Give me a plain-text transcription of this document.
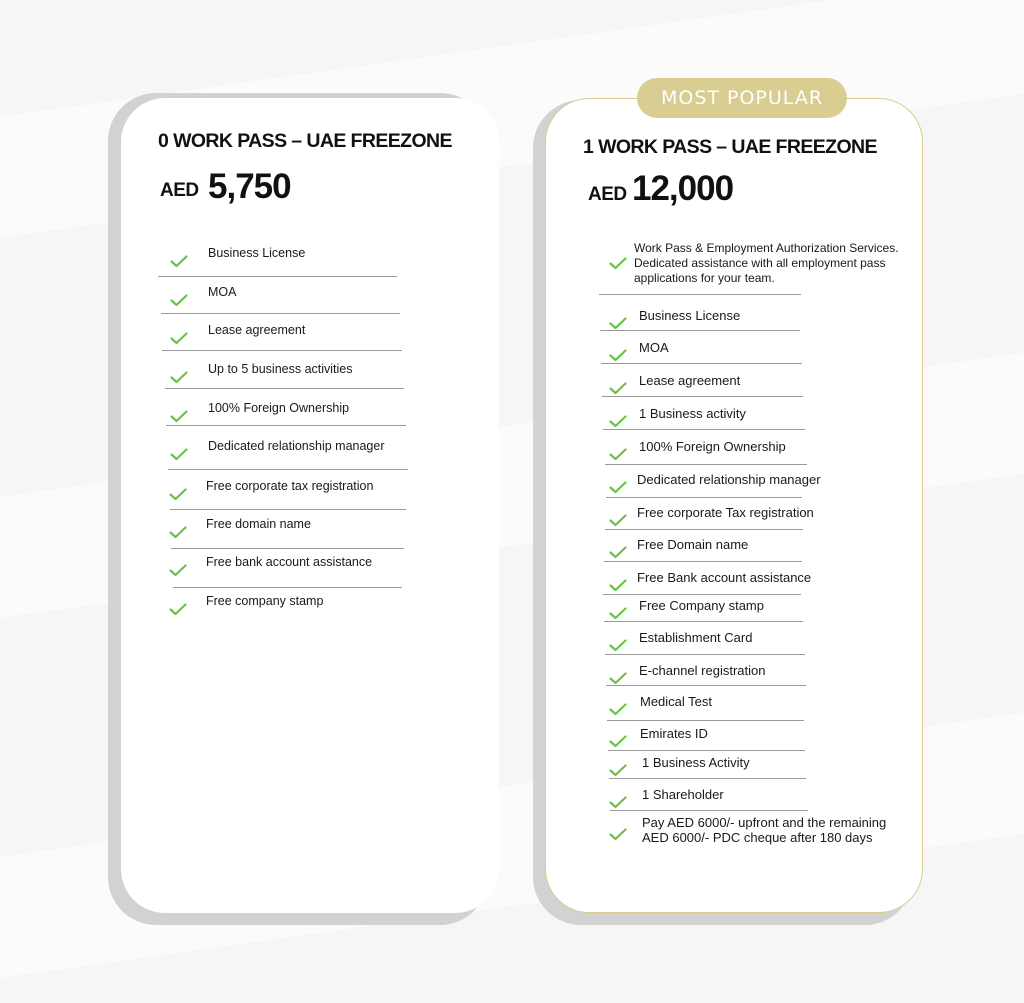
0 WORK PASS – UAE FREEZONE
AED 5,750
Business License
MOA
Lease agreement
Up to 5 business activities
100% Foreign Ownership
Dedicated relationship manager
Free corporate tax registration
Free domain name
Free bank account assistance
Free company stamp
MOST POPULAR
1 WORK PASS – UAE FREEZONE
AED 12,000
Work Pass & Employment Authorization Services. Dedicated assistance with all employment pass applications for your team.
Business License
MOA
Lease agreement
1 Business activity
100% Foreign Ownership
Dedicated relationship manager
Free corporate Tax registration
Free Domain name
Free Bank account assistance
Free Company stamp
Establishment Card
E-channel registration
Medical Test
Emirates ID
1 Business Activity
1 Shareholder
Pay AED 6000/- upfront and the remaining AED 6000/- PDC cheque after 180 days
